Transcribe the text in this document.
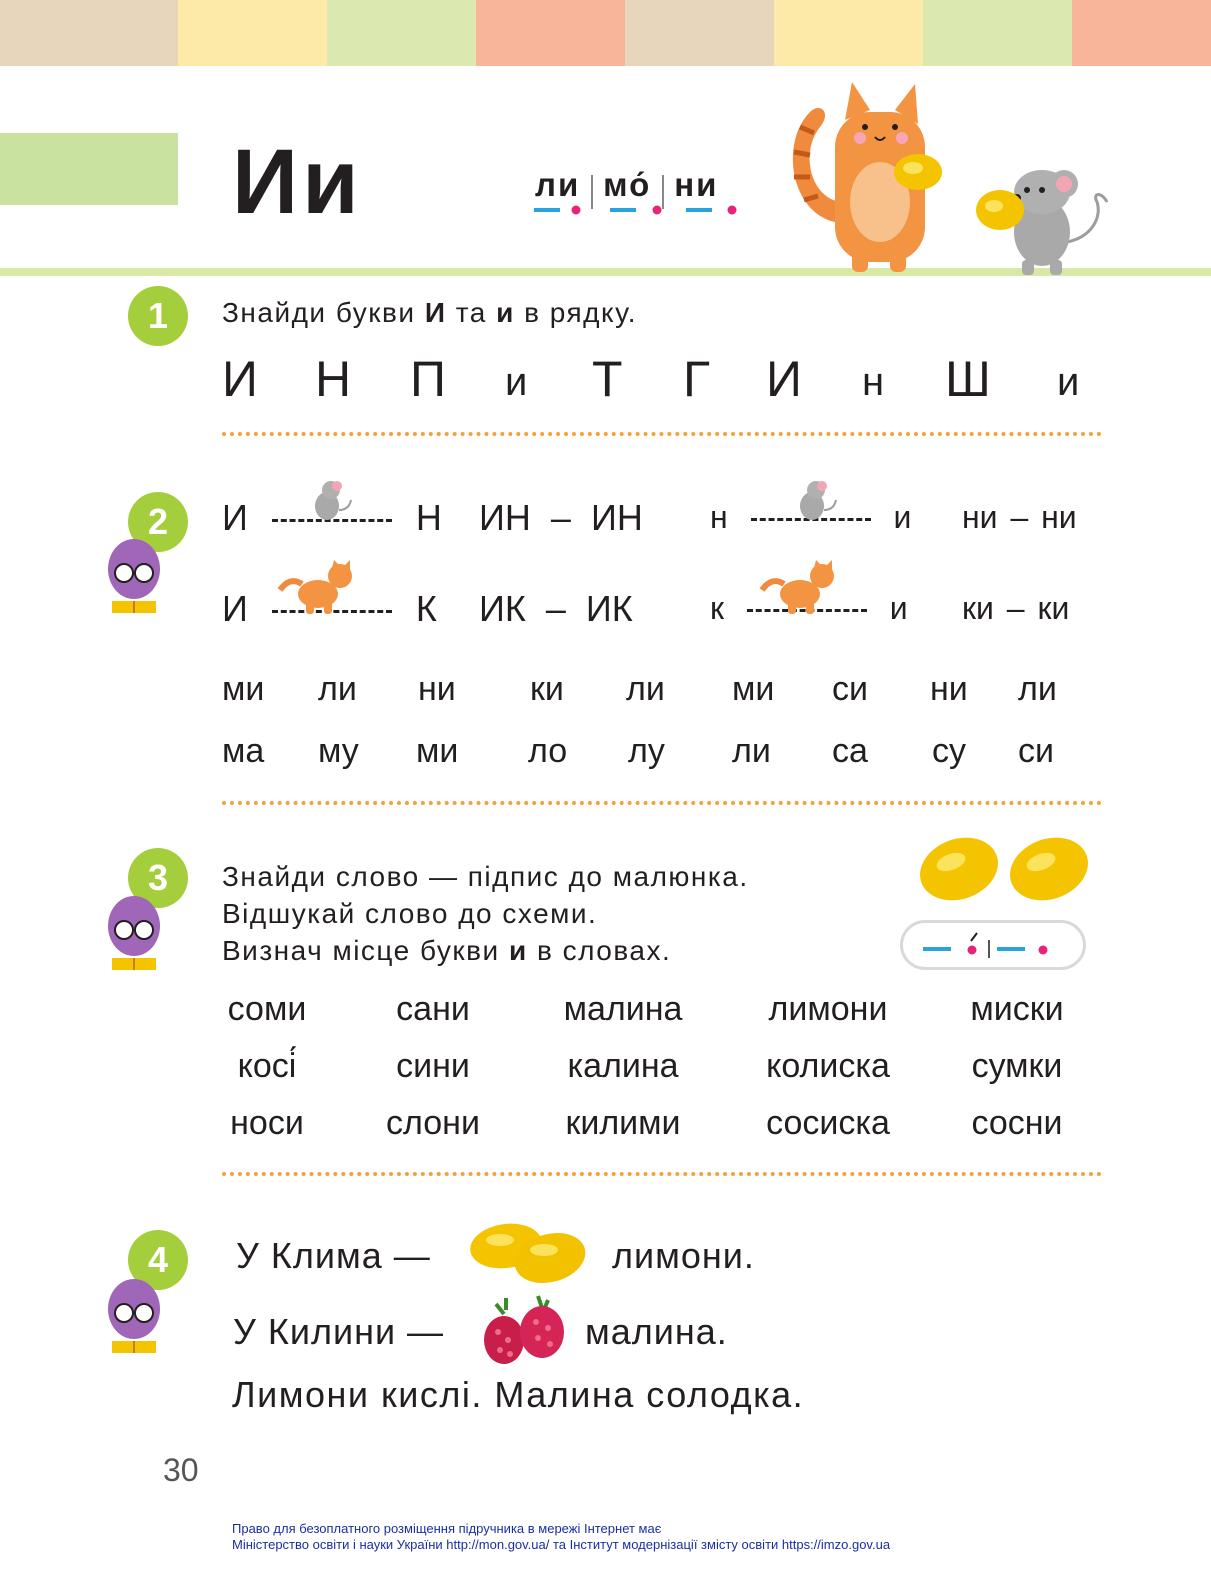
Ии	ли мо́ ни
1	Знайди букви И та и в рядку.
И Н П и Т Г И н Ш и
2	И	Н ИН – ИН н	и ни – ни
И	К ИК – ИК к	и ки – ки
ми ли ни ки ли ми си ни ли
ма му ми ло лу ли са су си
3	Знайди слово — підпис до малюнка.
Відшукай слово до схеми.
Визнач місце букви и в словах.
соми	сани	малина	лимони	миски
косі́	сини	калина	колиска	сумки
носи	слони	килими	сосиска	сосни
4	У Клима —	лимони.
У Килини —	малина.
Лимони кислі. Малина солодка.
30
Право для безоплатного розміщення підручника в мережі Інтернет має
Міністерство освіти і науки України http://mon.gov.ua/ та Інститут модернізації змісту освіти https://imzo.gov.ua
